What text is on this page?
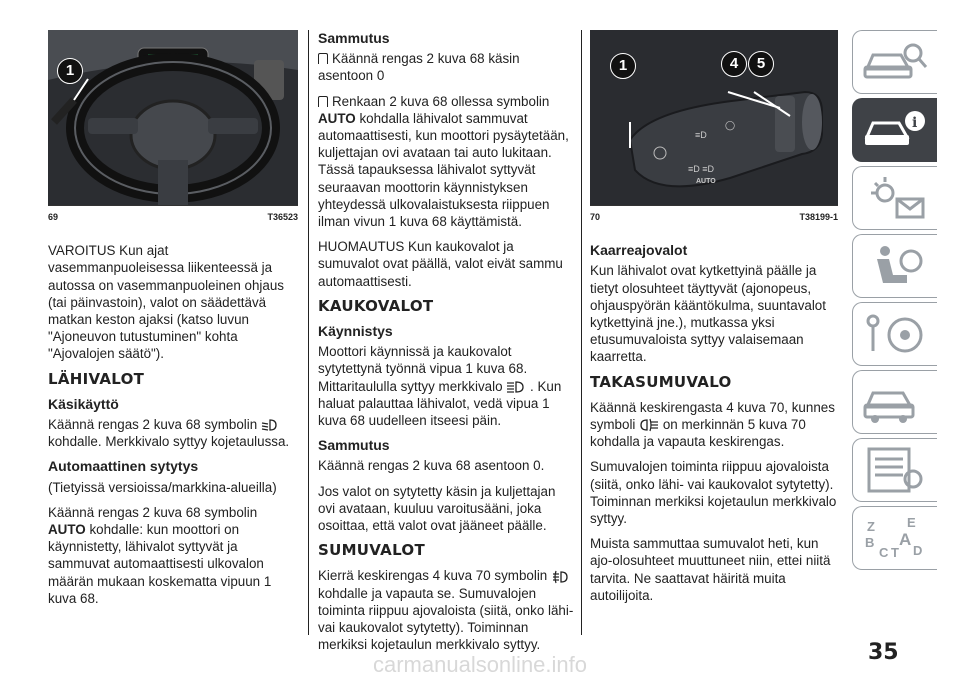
1
69	T36523

VAROITUS Kun ajat vasemmanpuoleisessa liikenteessä ja autossa on vasemmanpuoleinen ohjaus (tai päinvastoin), valot on säädettävä matkan keston ajaksi (katso luvun "Ajoneuvon tutustuminen" kohta "Ajovalojen säätö").

LÄHIVALOT
Käsikäyttö

Käännä rengas 2 kuva 68 symbolin  kohdalle. Merkkivalo syttyy kojetaulussa.

Automaattinen sytytys

(Tietyissä versioissa/markkina-alueilla)

Käännä rengas 2 kuva 68 symbolin AUTO kohdalle: kun moottori on käynnistetty, lähivalot syttyvät ja sammuvat automaattisesti ulkovalon määrän mukaan koskematta vipuun 1 kuva 68.

Sammutus

Käännä rengas 2 kuva 68 käsin asentoon 0

Renkaan 2 kuva 68 ollessa symbolin AUTO kohdalla lähivalot sammuvat automaattisesti, kun moottori pysäytetään, kuljettajan ovi avataan tai auto lukitaan. Tässä tapauksessa lähivalot syttyvät seuraavan moottorin käynnistyksen yhteydessä ulkovalaistuksesta riippuen ilman vivun 1 kuva 68 käyttämistä.

HUOMAUTUS Kun kaukovalot ja sumuvalot ovat päällä, valot eivät sammu automaattisesti.

KAUKOVALOT
Käynnistys

Moottori käynnissä ja kaukovalot sytytettynä työnnä vipua 1 kuva 68. Mittaritaululla syttyy merkkivalo . Kun haluat palauttaa lähivalot, vedä vipua 1 kuva 68 uudelleen itseesi päin.

Sammutus

Käännä rengas 2 kuva 68 asentoon 0.

Jos valot on sytytetty käsin ja kuljettajan ovi avataan, kuuluu varoitusääni, joka osoittaa, että valot ovat jääneet päälle.

SUMUVALOT

Kierrä keskirengas 4 kuva 70 symbolin  kohdalle ja vapauta se. Sumuvalojen toiminta riippuu ajovaloista (siitä, onko lähi- vai kaukovalot sytytetty). Toiminnan merkiksi kojetaulun merkkivalo syttyy.

≡D
◯
≡D ≡D
1	4	5
AUTO
70	T38199-1
Kaarreajovalot

Kun lähivalot ovat kytkettyinä päälle ja tietyt olosuhteet täyttyvät (ajonopeus, ohjauspyörän kääntökulma, suuntavalot kytkettyinä jne.), mutkassa yksi etusumuvaloista syttyy valaisemaan kaarretta.

TAKASUMUVALO

Käännä keskirengasta 4 kuva 70, kunnes symboli on merkinnän 5 kuva 70 kohdalla ja vapauta keskirengas.

Sumuvalojen toiminta riippuu ajovaloista (siitä, onko lähi- vai kaukovalot sytytetty). Toiminnan merkiksi kojetaulun merkkivalo syttyy.

Muista sammuttaa sumuvalot heti, kun ajo-olosuhteet muuttuneet niin, ettei niitä tarvita. Ne saattavat häiritä muita autoilijoita.

i
Z E
B
C T
A
D
35
carmanualsonline.info
